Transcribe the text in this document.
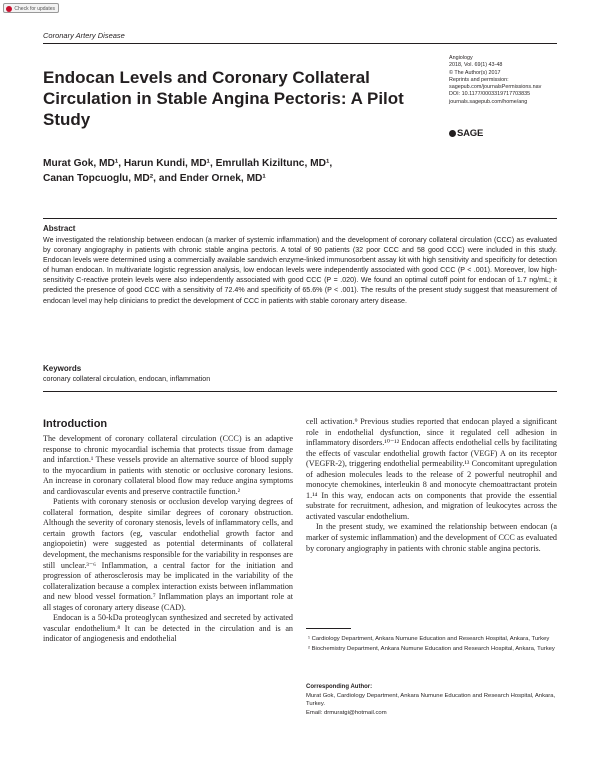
Check for updates
Coronary Artery Disease
Angiology
2018, Vol. 69(1) 43-48
© The Author(s) 2017
Reprints and permission:
sagepub.com/journalsPermissions.nav
DOI: 10.1177/0003319717703835
journals.sagepub.com/home/ang
SAGE
Endocan Levels and Coronary Collateral Circulation in Stable Angina Pectoris: A Pilot Study
Murat Gok, MD¹, Harun Kundi, MD¹, Emrullah Kiziltunc, MD¹,
Canan Topcuoglu, MD², and Ender Ornek, MD¹
Abstract
We investigated the relationship between endocan (a marker of systemic inflammation) and the development of coronary collateral circulation (CCC) as evaluated by coronary angiography in patients with chronic stable angina pectoris. A total of 90 patients (32 poor CCC and 58 good CCC) were included in this study. Endocan levels were determined using a commercially available sandwich enzyme-linked immunosorbent assay kit with high sensitivity and specificity for detection of human endocan. In multivariate logistic regression analysis, low endocan levels were independently associated with good CCC (P < .001). Moreover, low high-sensitivity C-reactive protein levels were also independently associated with good CCC (P = .020). We found an optimal cutoff point for endocan of 1.7 ng/mL; it predicted the presence of good CCC with a sensitivity of 72.4% and specificity of 65.6% (P < .001). The results of the present study suggest that measurement of endocan level may help clinicians to predict the development of CCC in patients with stable coronary artery disease.
Keywords
coronary collateral circulation, endocan, inflammation
Introduction

The development of coronary collateral circulation (CCC) is an adaptive response to chronic myocardial ischemia that protects tissue from damage and infarction.¹ These vessels provide an alternative source of blood supply to the myocardium in patients with stenotic or occlusive coronary lesions. An increase in coronary collateral blood flow may reduce angina symptoms and cardiovascular events and preserve contractile function.²

Patients with coronary stenosis or occlusion develop varying degrees of collateral formation, despite similar degrees of coronary obstruction. Although the severity of coronary stenosis, levels of inflammatory cells, and certain growth factors (eg, vascular endothelial growth factor and angiopoietin) were suggested as potential determinants of collateral development, the mechanisms responsible for the variability in responses are still unclear.³⁻⁶ Inflammation, a central factor for the initiation and progression of atherosclerosis may be implicated in the variability of the collateralization because a complex interaction exists between inflammation and new blood vessel formation.⁷ Inflammation plays an important role at all stages of coronary artery disease (CAD).

Endocan is a 50-kDa proteoglycan synthesized and secreted by activated vascular endothelium.⁸ It can be detected in the circulation and is an indicator of angiogenesis and endothelial

cell activation.⁹ Previous studies reported that endocan played a significant role in endothelial dysfunction, since it regulated cell adhesion in inflammatory disorders.¹⁰⁻¹² Endocan affects endothelial cells by facilitating the effects of vascular endothelial growth factor (VEGF) A on its receptor (VEGFR-2), triggering endothelial permeability.¹³ Concomitant upregulation of adhesion molecules leads to the release of 2 powerful neutrophil and monocyte chemokines, interleukin 8 and monocyte chemoattractant protein 1.¹⁴ In this way, endocan acts on components that provide the essential substrate for recruitment, adhesion, and migration of leukocytes across the activated vascular endothelium.

In the present study, we examined the relationship between endocan (a marker of systemic inflammation) and the development of CCC as evaluated by coronary angiography in patients with chronic stable angina pectoris.

¹ Cardiology Department, Ankara Numune Education and Research Hospital, Ankara, Turkey

² Biochemistry Department, Ankara Numune Education and Research Hospital, Ankara, Turkey

Corresponding Author:
Murat Gok, Cardiology Department, Ankara Numune Education and Research Hospital, Ankara, Turkey.
Email: drmuratgi@hotmail.com
